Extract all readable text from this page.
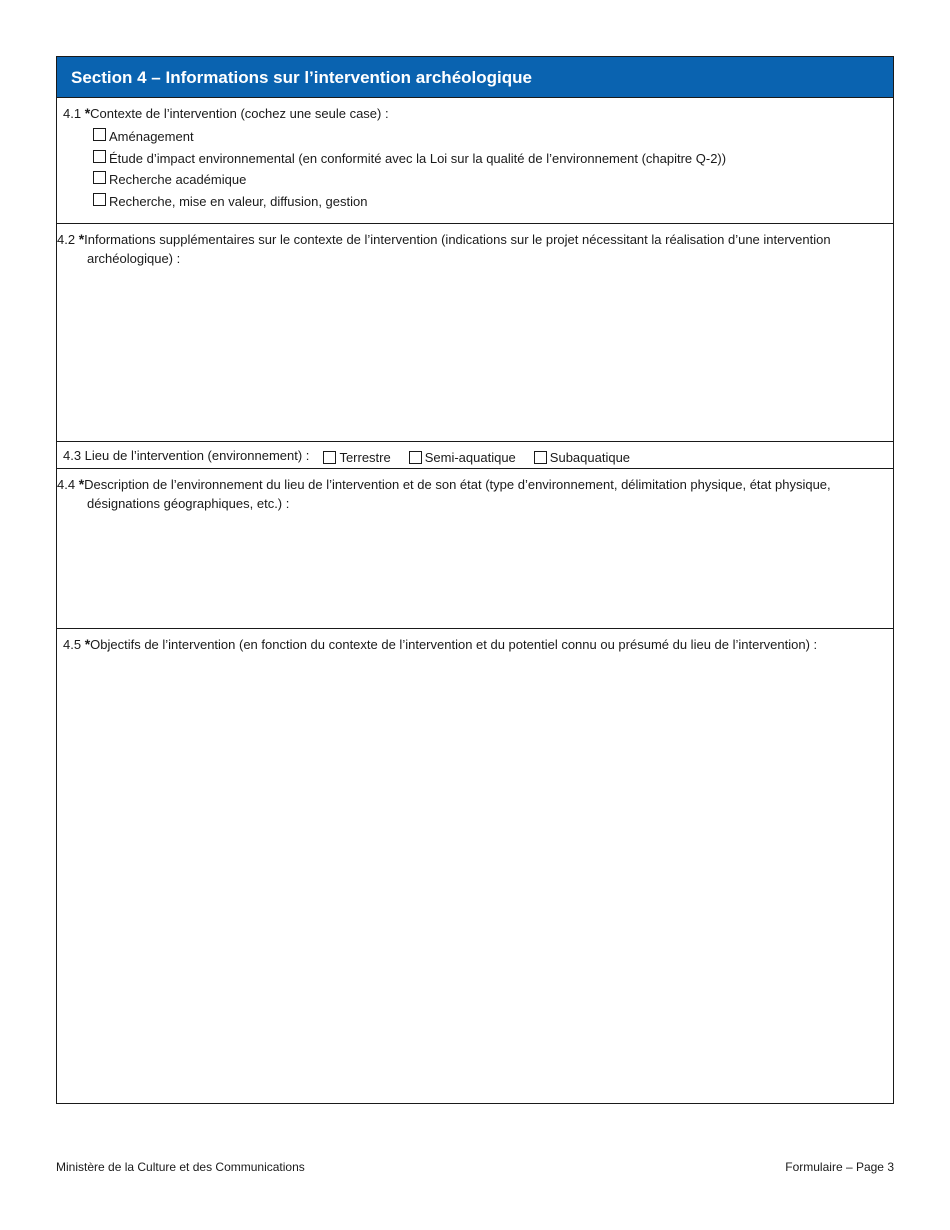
Section 4 – Informations sur l’intervention archéologique
4.1 *Contexte de l’intervention (cochez une seule case) :
Aménagement
Étude d’impact environnemental (en conformité avec la Loi sur la qualité de l’environnement (chapitre Q-2))
Recherche académique
Recherche, mise en valeur, diffusion, gestion
4.2 *Informations supplémentaires sur le contexte de l’intervention (indications sur le projet nécessitant la réalisation d’une intervention archéologique) :
4.3 Lieu de l’intervention (environnement) : Terrestre	Semi-aquatique	Subaquatique
4.4 *Description de l’environnement du lieu de l’intervention et de son état (type d’environnement, délimitation physique, état physique, désignations géographiques, etc.) :
4.5 *Objectifs de l’intervention (en fonction du contexte de l’intervention et du potentiel connu ou présumé du lieu de l’intervention) :
Ministère de la Culture et des Communications	Formulaire – Page 3
